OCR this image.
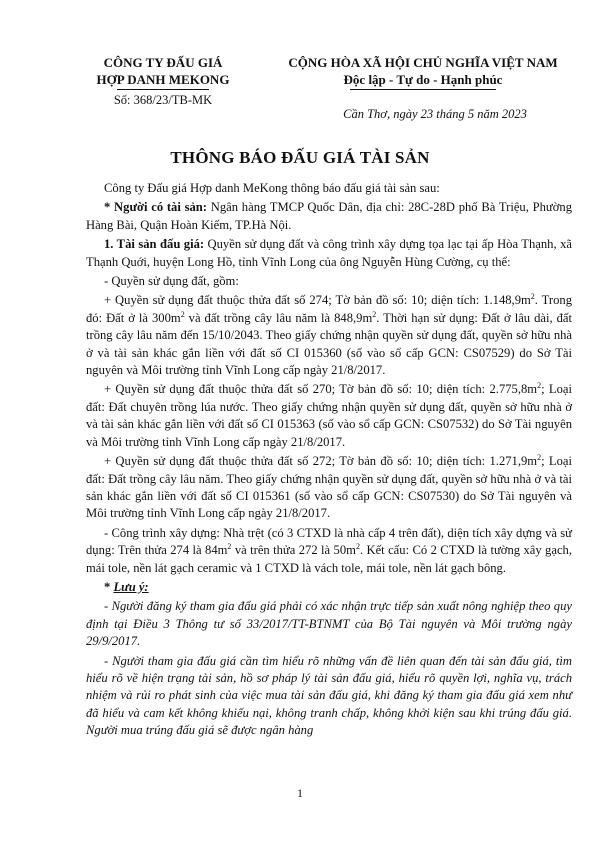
CÔNG TY ĐẤU GIÁ
HỢP DANH MEKONG
Số: 368/23/TB-MK
CỘNG HÒA XÃ HỘI CHỦ NGHĨA VIỆT NAM
Độc lập - Tự do - Hạnh phúc
Cần Thơ, ngày 23 tháng 5 năm 2023
THÔNG BÁO ĐẤU GIÁ TÀI SẢN

Công ty Đấu giá Hợp danh MeKong thông báo đấu giá tài sản sau:

* Người có tài sản: Ngân hàng TMCP Quốc Dân, địa chỉ: 28C-28D phố Bà Triệu, Phường Hàng Bài, Quận Hoàn Kiếm, TP.Hà Nội.

1. Tài sản đấu giá: Quyền sử dụng đất và công trình xây dựng tọa lạc tại ấp Hòa Thạnh, xã Thạnh Quới, huyện Long Hồ, tỉnh Vĩnh Long của ông Nguyễn Hùng Cường, cụ thể:

- Quyền sử dụng đất, gồm:

+ Quyền sử dụng đất thuộc thửa đất số 274; Tờ bản đồ số: 10; diện tích: $1.148,9m^2$. Trong đó: Đất ở là $300m^2$ và đất trồng cây lâu năm là $848,9m^2$. Thời hạn sử dụng: Đất ở lâu dài, đất trồng cây lâu năm đến 15/10/2043. Theo giấy chứng nhận quyền sử dụng đất, quyền sở hữu nhà ở và tài sản khác gắn liền với đất số CI 015360 (số vào sổ cấp GCN: CS07529) do Sở Tài nguyên và Môi trường tỉnh Vĩnh Long cấp ngày 21/8/2017.

+ Quyền sử dụng đất thuộc thửa đất số 270; Tờ bản đồ số: 10; diện tích: $2.775,8m^2$; Loại đất: Đất chuyên trồng lúa nước. Theo giấy chứng nhận quyền sử dụng đất, quyền sở hữu nhà ở và tài sản khác gắn liền với đất số CI 015363 (số vào sổ cấp GCN: CS07532) do Sở Tài nguyên và Môi trường tỉnh Vĩnh Long cấp ngày 21/8/2017.

+ Quyền sử dụng đất thuộc thửa đất số 272; Tờ bản đồ số: 10; diện tích: $1.271,9m^2$; Loại đất: Đất trồng cây lâu năm. Theo giấy chứng nhận quyền sử dụng đất, quyền sở hữu nhà ở và tài sản khác gắn liền với đất số CI 015361 (số vào sổ cấp GCN: CS07530) do Sở Tài nguyên và Môi trường tỉnh Vĩnh Long cấp ngày 21/8/2017.

- Công trình xây dựng: Nhà trệt (có 3 CTXD là nhà cấp 4 trên đất), diện tích xây dựng và sử dụng: Trên thửa 274 là $84m^2$ và trên thửa 272 là $50m^2$. Kết cấu: Có 2 CTXD là tường xây gạch, mái tole, nền lát gạch ceramic và 1 CTXD là vách tole, mái tole, nền lát gạch bông.

* Lưu ý:

- Người đăng ký tham gia đấu giá phải có xác nhận trực tiếp sản xuất nông nghiệp theo quy định tại Điều 3 Thông tư số 33/2017/TT-BTNMT của Bộ Tài nguyên và Môi trường ngày 29/9/2017.

- Người tham gia đấu giá cần tìm hiểu rõ những vấn đề liên quan đến tài sản đấu giá, tìm hiểu rõ về hiện trạng tài sản, hồ sơ pháp lý tài sản đấu giá, hiểu rõ quyền lợi, nghĩa vụ, trách nhiệm và rủi ro phát sinh của việc mua tài sản đấu giá, khi đăng ký tham gia đấu giá xem như đã hiểu và cam kết không khiếu nại, không tranh chấp, không khởi kiện sau khi trúng đấu giá. Người mua trúng đấu giá sẽ được ngân hàng

1
